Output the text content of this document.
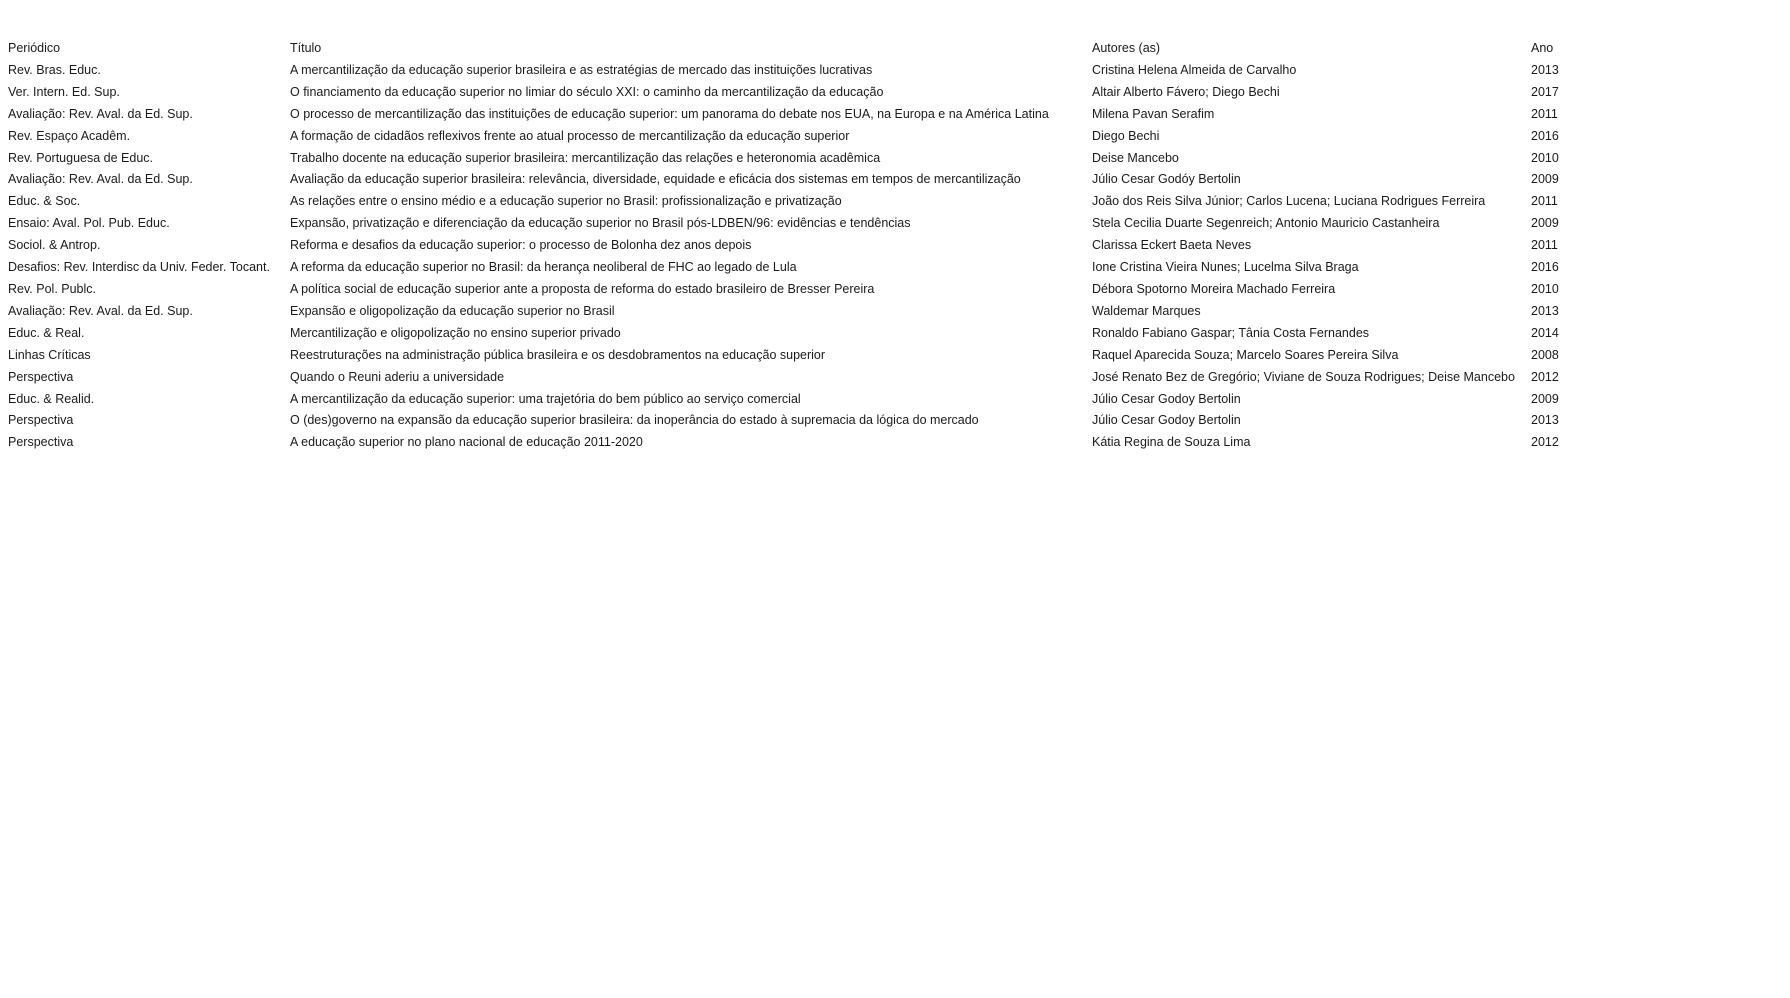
Periódico	Título	Autores (as)	Ano
Rev. Bras. Educ.	A mercantilização da educação superior brasileira e as estratégias de mercado das instituições lucrativas	Cristina Helena Almeida de Carvalho	2013
Ver. Intern. Ed. Sup.	O financiamento da educação superior no limiar do século XXI: o caminho da mercantilização da educação	Altair Alberto Fávero; Diego Bechi	2017
Avaliação: Rev. Aval. da Ed. Sup.	O processo de mercantilização das instituições de educação superior: um panorama do debate nos EUA, na Europa e na América Latina	Milena Pavan Serafim	2011
Rev. Espaço Acadêm.	A formação de cidadãos reflexivos frente ao atual processo de mercantilização da educação superior	Diego Bechi	2016
Rev. Portuguesa de Educ.	Trabalho docente na educação superior brasileira: mercantilização das relações e heteronomia acadêmica	Deise Mancebo	2010
Avaliação: Rev. Aval. da Ed. Sup.	Avaliação da educação superior brasileira: relevância, diversidade, equidade e eficácia dos sistemas em tempos de mercantilização	Júlio Cesar Godóy Bertolin	2009
Educ. & Soc.	As relações entre o ensino médio e a educação superior no Brasil: profissionalização e privatização	João dos Reis Silva Júnior; Carlos Lucena; Luciana Rodrigues Ferreira	2011
Ensaio: Aval. Pol. Pub. Educ.	Expansão, privatização e diferenciação da educação superior no Brasil pós-LDBEN/96: evidências e tendências	Stela Cecilia Duarte Segenreich; Antonio Mauricio Castanheira	2009
Sociol. & Antrop.	Reforma e desafios da educação superior: o processo de Bolonha dez anos depois	Clarissa Eckert Baeta Neves	2011
Desafios: Rev. Interdisc da Univ. Feder. Tocant.	A reforma da educação superior no Brasil: da herança neoliberal de FHC ao legado de Lula	Ione Cristina Vieira Nunes; Lucelma Silva Braga	2016
Rev. Pol. Publc.	A política social de educação superior ante a proposta de reforma do estado brasileiro de Bresser Pereira	Débora Spotorno Moreira Machado Ferreira	2010
Avaliação: Rev. Aval. da Ed. Sup.	Expansão e oligopolização da educação superior no Brasil	Waldemar Marques	2013
Educ. & Real.	Mercantilização e oligopolização no ensino superior privado	Ronaldo Fabiano Gaspar; Tânia Costa Fernandes	2014
Linhas Críticas	Reestruturações na administração pública brasileira e os desdobramentos na educação superior	Raquel Aparecida Souza; Marcelo Soares Pereira Silva	2008
Perspectiva	Quando o Reuni aderiu a universidade	José Renato Bez de Gregório; Viviane de Souza Rodrigues; Deise Mancebo	2012
Educ. & Realid.	A mercantilização da educação superior: uma trajetória do bem público ao serviço comercial	Júlio Cesar Godoy Bertolin	2009
Perspectiva	O (des)governo na expansão da educação superior brasileira: da inoperância do estado à supremacia da lógica do mercado	Júlio Cesar Godoy Bertolin	2013
Perspectiva	A educação superior no plano nacional de educação 2011-2020	Kátia Regina de Souza Lima	2012
